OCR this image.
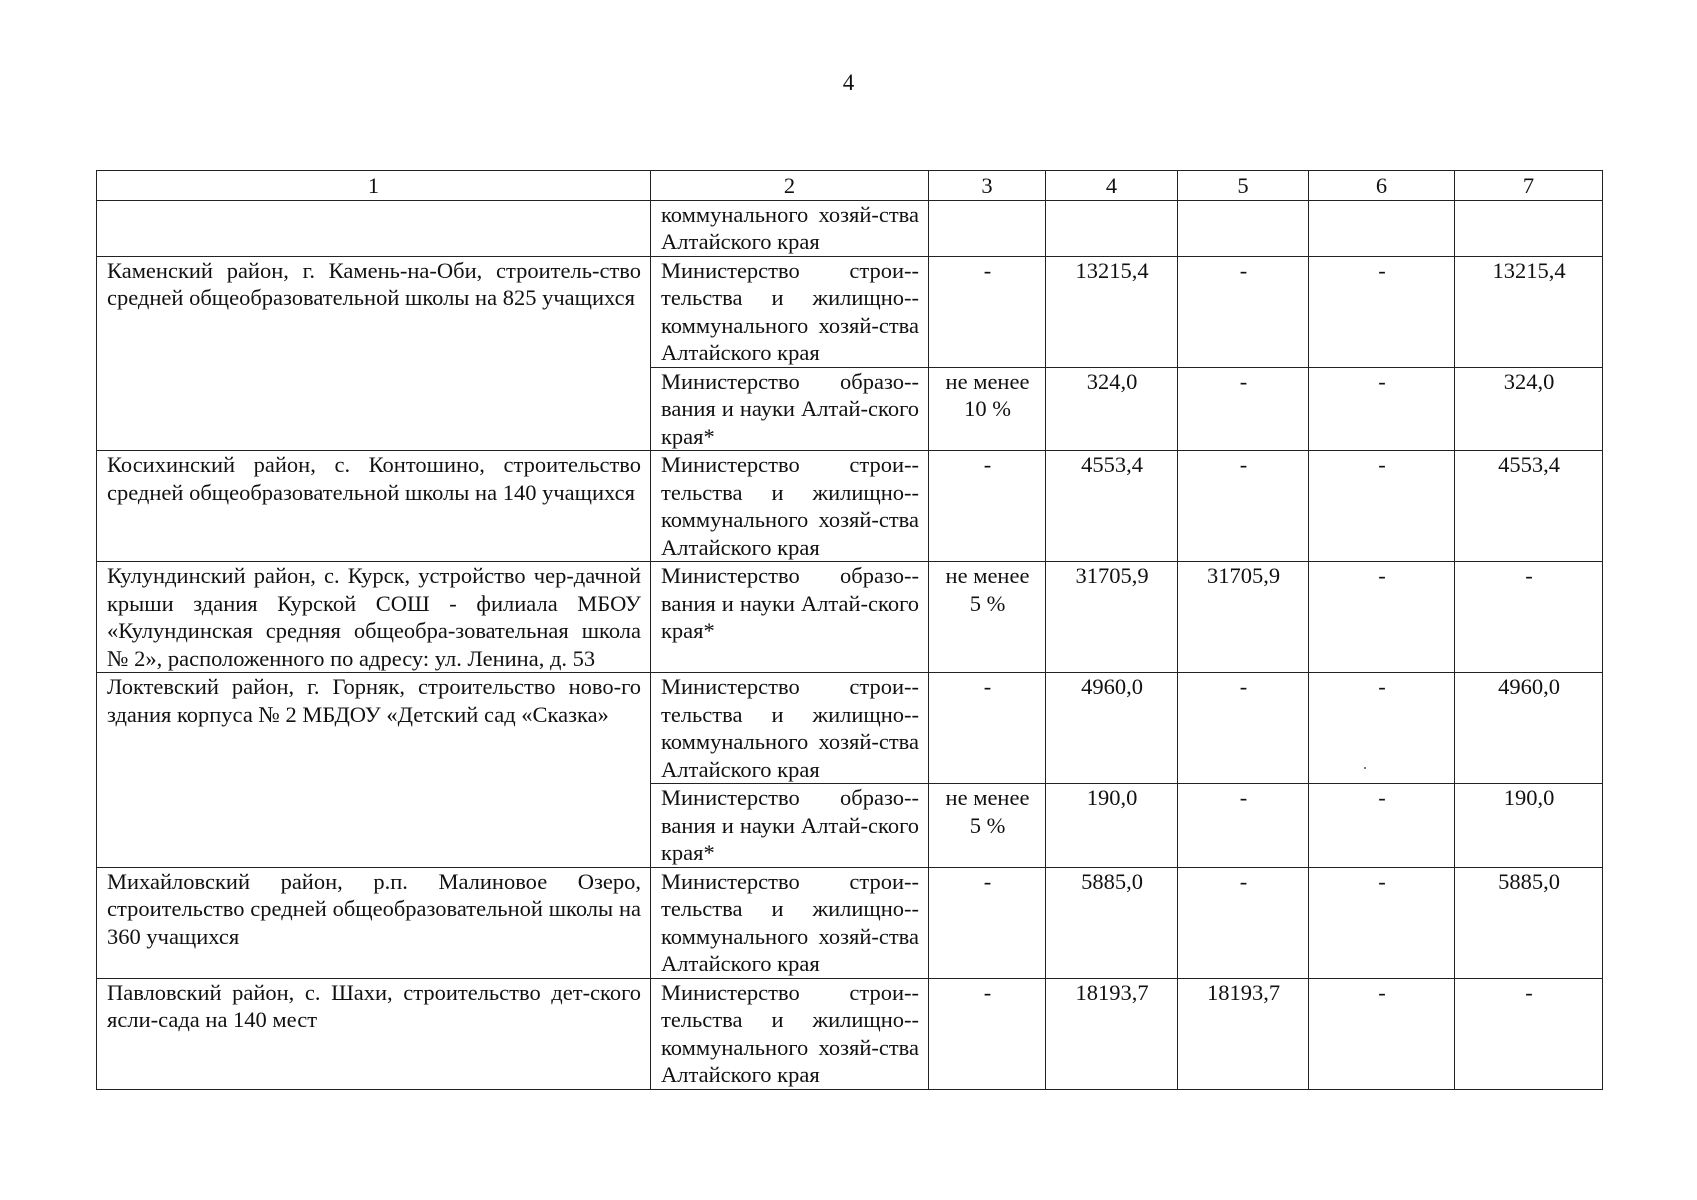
4
1	2	3	4	5	6	7
	коммунального хозяй-ства Алтайского края					
Каменский район, г. Камень-на-Оби, строитель-ство средней общеобразовательной школы на 825 учащихся	Министерство строи-тельства и жилищно-коммунального хозяй-ства Алтайского края	-	13215,4	-	-	13215,4
	Министерство образо-вания и науки Алтай-ского края*	не менее 10 %	324,0	-	-	324,0
Косихинский район, с. Контошино, строительство средней общеобразовательной школы на 140 учащихся	Министерство строи-тельства и жилищно-коммунального хозяй-ства Алтайского края	-	4553,4	-	-	4553,4
Кулундинский район, с. Курск, устройство чер-дачной крыши здания Курской СОШ - филиала МБОУ «Кулундинская средняя общеобра-зовательная школа № 2», расположенного по адресу: ул. Ленина, д. 53	Министерство образо-вания и науки Алтай-ского края*	не менее 5 %	31705,9	31705,9	-	-
Локтевский район, г. Горняк, строительство ново-го здания корпуса № 2 МБДОУ «Детский сад «Сказка»	Министерство строи-тельства и жилищно-коммунального хозяй-ства Алтайского края	-	4960,0	-	-	4960,0
	Министерство образо-вания и науки Алтай-ского края*	не менее 5 %	190,0	-	-	190,0
Михайловский район, р.п. Малиновое Озеро, строительство средней общеобразовательной школы на 360 учащихся	Министерство строи-тельства и жилищно-коммунального хозяй-ства Алтайского края	-	5885,0	-	-	5885,0
Павловский район, с. Шахи, строительство дет-ского ясли-сада на 140 мест	Министерство строи-тельства и жилищно-коммунального хозяй-ства Алтайского края	-	18193,7	18193,7	-	-
